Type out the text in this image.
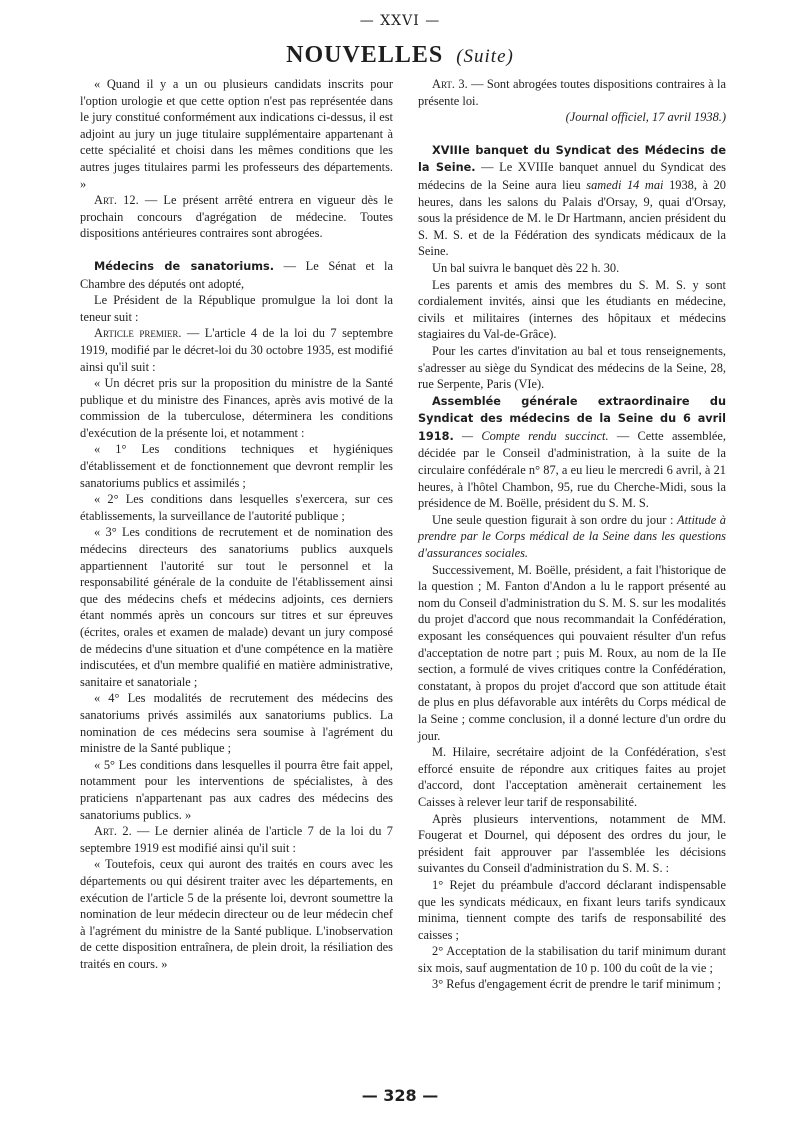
— XXVI —
NOUVELLES (Suite)

« Quand il y a un ou plusieurs candidats inscrits pour l'option urologie et que cette option n'est pas représentée dans le jury constitué conformément aux indications ci-dessus, il est adjoint au jury un juge titulaire supplémentaire appartenant à cette spécialité et choisi dans les mêmes conditions que les autres juges titulaires parmi les professeurs des départements. »

Art. 12. — Le présent arrêté entrera en vigueur dès le prochain concours d'agrégation de médecine. Toutes dispositions antérieures contraires sont abrogées.

Médecins de sanatoriums. — Le Sénat et la Chambre des députés ont adopté,

Le Président de la République promulgue la loi dont la teneur suit :

Article premier. — L'article 4 de la loi du 7 septembre 1919, modifié par le décret-loi du 30 octobre 1935, est modifié ainsi qu'il suit :

« Un décret pris sur la proposition du ministre de la Santé publique et du ministre des Finances, après avis motivé de la commission de la tuberculose, déterminera les conditions d'exécution de la présente loi, et notamment :

« 1° Les conditions techniques et hygiéniques d'établissement et de fonctionnement que devront remplir les sanatoriums publics et assimilés ;

« 2° Les conditions dans lesquelles s'exercera, sur ces établissements, la surveillance de l'autorité publique ;

« 3° Les conditions de recrutement et de nomination des médecins directeurs des sanatoriums publics auxquels appartiennent l'autorité sur tout le personnel et la responsabilité générale de la conduite de l'établissement ainsi que des médecins chefs et médecins adjoints, ces derniers étant nommés après un concours sur titres et sur épreuves (écrites, orales et examen de malade) devant un jury composé de médecins d'une situation et d'une compétence en la matière indiscutées, et d'un membre qualifié en matière administrative, sanitaire et sanatoriale ;

« 4° Les modalités de recrutement des médecins des sanatoriums privés assimilés aux sanatoriums publics. La nomination de ces médecins sera soumise à l'agrément du ministre de la Santé publique ;

« 5° Les conditions dans lesquelles il pourra être fait appel, notamment pour les interventions de spécialistes, à des praticiens n'appartenant pas aux cadres des médecins des sanatoriums publics. »

Art. 2. — Le dernier alinéa de l'article 7 de la loi du 7 septembre 1919 est modifié ainsi qu'il suit :

« Toutefois, ceux qui auront des traités en cours avec les départements ou qui désirent traiter avec les départements, en exécution de l'article 5 de la présente loi, devront soumettre la nomination de leur médecin directeur ou de leur médecin chef à l'agrément du ministre de la Santé publique. L'inobservation de cette disposition entraînera, de plein droit, la résiliation des traités en cours. »

Art. 3. — Sont abrogées toutes dispositions contraires à la présente loi.

(Journal officiel, 17 avril 1938.)

XVIIIe banquet du Syndicat des Médecins de la Seine. — Le XVIIIe banquet annuel du Syndicat des médecins de la Seine aura lieu samedi 14 mai 1938, à 20 heures, dans les salons du Palais d'Orsay, 9, quai d'Orsay, sous la présidence de M. le Dr Hartmann, ancien président du S. M. S. et de la Fédération des syndicats médicaux de la Seine.

Un bal suivra le banquet dès 22 h. 30.

Les parents et amis des membres du S. M. S. y sont cordialement invités, ainsi que les étudiants en médecine, civils et militaires (internes des hôpitaux et médecins stagiaires du Val-de-Grâce).

Pour les cartes d'invitation au bal et tous renseignements, s'adresser au siège du Syndicat des médecins de la Seine, 28, rue Serpente, Paris (VIe).

Assemblée générale extraordinaire du Syndicat des médecins de la Seine du 6 avril 1918. — Compte rendu succinct. — Cette assemblée, décidée par le Conseil d'administration, à la suite de la circulaire confédérale n° 87, a eu lieu le mercredi 6 avril, à 21 heures, à l'hôtel Chambon, 95, rue du Cherche-Midi, sous la présidence de M. Boëlle, président du S. M. S.

Une seule question figurait à son ordre du jour : Attitude à prendre par le Corps médical de la Seine dans les questions d'assurances sociales.

Successivement, M. Boëlle, président, a fait l'historique de la question ; M. Fanton d'Andon a lu le rapport présenté au nom du Conseil d'administration du S. M. S. sur les modalités du projet d'accord que nous recommandait la Confédération, exposant les conséquences qui pouvaient résulter d'un refus d'acceptation de notre part ; puis M. Roux, au nom de la IIe section, a formulé de vives critiques contre la Confédération, constatant, à propos du projet d'accord que son attitude était de plus en plus défavorable aux intérêts du Corps médical de la Seine ; comme conclusion, il a donné lecture d'un ordre du jour.

M. Hilaire, secrétaire adjoint de la Confédération, s'est efforcé ensuite de répondre aux critiques faites au projet d'accord, dont l'acceptation amènerait certainement les Caisses à relever leur tarif de responsabilité.

Après plusieurs interventions, notamment de MM. Fougerat et Dournel, qui déposent des ordres du jour, le président fait approuver par l'assemblée les décisions suivantes du Conseil d'administration du S. M. S. :

1° Rejet du préambule d'accord déclarant indispensable que les syndicats médicaux, en fixant leurs tarifs syndicaux minima, tiennent compte des tarifs de responsabilité des caisses ;

2° Acceptation de la stabilisation du tarif minimum durant six mois, sauf augmentation de 10 p. 100 du coût de la vie ;

3° Refus d'engagement écrit de prendre le tarif minimum ;

— 328 —
